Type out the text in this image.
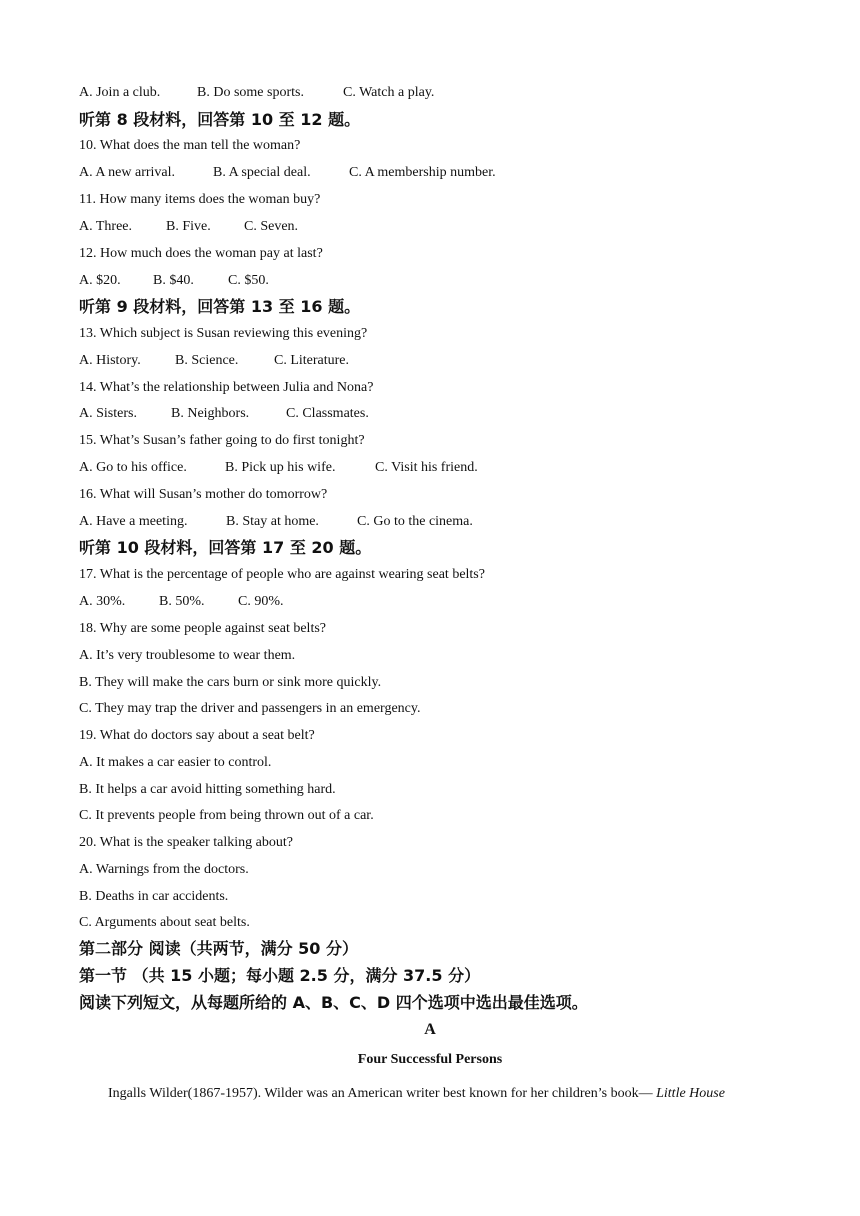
A. Join a club.	B. Do some sports.	C. Watch a play.
听第 8 段材料，回答第 10 至 12 题。
10. What does the man tell the woman?
A. A new arrival.	B. A special deal.	C. A membership number.
11. How many items does the woman buy?
A. Three. B. Five. C. Seven.
12. How much does the woman pay at last?
A. $20. B. $40. C. $50.
听第 9 段材料，回答第 13 至 16 题。
13. Which subject is Susan reviewing this evening?
A. History. B. Science.	C. Literature.
14. What’s the relationship between Julia and Nona?
A. Sisters. B. Neighbors.	C. Classmates.
15. What’s Susan’s father going to do first tonight?
A. Go to his office.	B. Pick up his wife.	C. Visit his friend.
16. What will Susan’s mother do tomorrow?
A. Have a meeting.	B. Stay at home.	C. Go to the cinema.
听第 10 段材料，回答第 17 至 20 题。
17. What is the percentage of people who are against wearing seat belts?
A. 30%. B. 50%. C. 90%.
18. Why are some people against seat belts?
A. It’s very troublesome to wear them.
B. They will make the cars burn or sink more quickly.
C. They may trap the driver and passengers in an emergency.
19. What do doctors say about a seat belt?
A. It makes a car easier to control.
B. It helps a car avoid hitting something hard.
C. It prevents people from being thrown out of a car.
20. What is the speaker talking about?
A. Warnings from the doctors.
B. Deaths in car accidents.
C. Arguments about seat belts.
第二部分 阅读（共两节，满分 50 分）
第一节 （共 15 小题；每小题 2.5 分，满分 37.5 分）
阅读下列短文，从每题所给的 A、B、C、D 四个选项中选出最佳选项。
A
Four Successful Persons
Ingalls Wilder(1867-1957). Wilder was an American writer best known for her children’s book— Little House
